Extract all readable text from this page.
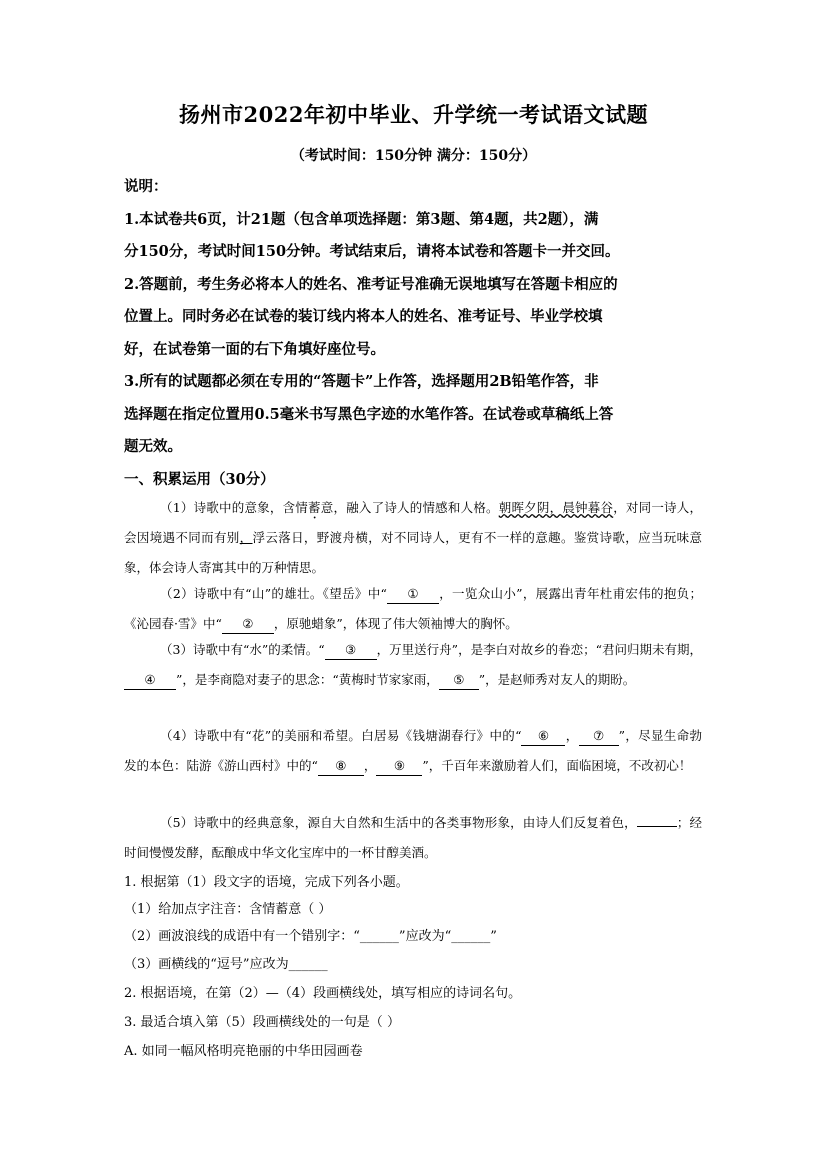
扬州市2022年初中毕业、升学统一考试语文试题
（考试时间：150分钟 满分：150分）
说明：
1.本试卷共6页，计21题（包含单项选择题：第3题、第4题，共2题），满
分150分，考试时间150分钟。考试结束后，请将本试卷和答题卡一并交回。
2.答题前，考生务必将本人的姓名、准考证号准确无误地填写在答题卡相应的
位置上。同时务必在试卷的装订线内将本人的姓名、准考证号、毕业学校填
好，在试卷第一面的右下角填好座位号。
3.所有的试题都必须在专用的“答题卡”上作答，选择题用2B铅笔作答，非
选择题在指定位置用0.5毫米书写黑色字迹的水笔作答。在试卷或草稿纸上答
题无效。
一、积累运用（30分）
（1）诗歌中的意象，含情蓄意，融入了诗人的情感和人格。朝晖夕阴，晨钟暮谷，对同一诗人，会因境遇不同而有别，浮云落日，野渡舟横，对不同诗人，更有不一样的意趣。鉴赏诗歌，应当玩味意象，体会诗人寄寓其中的万种情思。
（2）诗歌中有“山”的雄壮。《望岳》中“ ① ，一览众山小”，展露出青年杜甫宏伟的抱负；《沁园春·雪》中“ ② ，原驰蜡象”，体现了伟大领袖博大的胸怀。
（3）诗歌中有“水”的柔情。“ ③ ，万里送行舟”，是李白对故乡的眷恋；“君问归期未有期，④ ”，是李商隐对妻子的思念：“黄梅时节家家雨， ⑤ ”，是赵师秀对友人的期盼。
（4）诗歌中有“花”的美丽和希望。白居易《钱塘湖春行》中的“ ⑥ ， ⑦ ”，尽显生命勃发的本色：陆游《游山西村》中的“ ⑧ ， ⑨ ”，千百年来激励着人们，面临困境，不改初心！
（5）诗歌中的经典意象，源自大自然和生活中的各类事物形象，由诗人们反复着色，	；经时间慢慢发酵，酝酿成中华文化宝库中的一杯甘醇美酒。
1. 根据第（1）段文字的语境，完成下列各小题。
（1）给加点字注音：含情蓄意（ ）
（2）画波浪线的成语中有一个错别字：“______”应改为“______”
（3）画横线的“逗号”应改为______
2. 根据语境，在第（2）—（4）段画横线处，填写相应的诗词名句。
3. 最适合填入第（5）段画横线处的一句是（ ）
A. 如同一幅风格明亮艳丽的中华田园画卷
